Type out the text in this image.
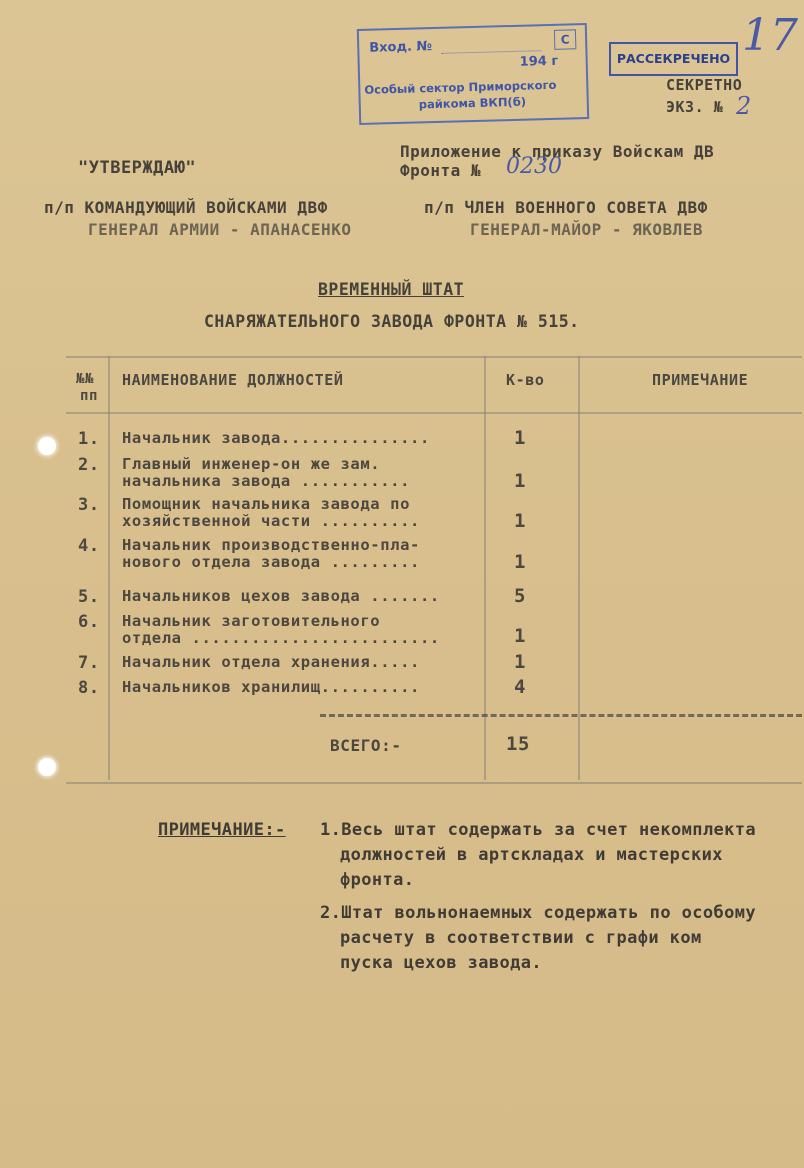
Вход. №	С
194 г
Особый сектор Приморского
райкома ВКП(б)
РАССЕКРЕЧЕНО 17
СЕКРЕТНО
ЭКЗ. № 2
"УТВЕРЖДАЮ"
Приложение к приказу Войскам ДВ
Фронта № 0230
п/п КОМАНДУЮЩИЙ ВОЙСКАМИ ДВФ
ГЕНЕРАЛ АРМИИ - АПАНАСЕНКО
п/п ЧЛЕН ВОЕННОГО СОВЕТА ДВФ
ГЕНЕРАЛ-МАЙОР - ЯКОВЛЕВ
ВРЕМЕННЫЙ ШТАТ
СНАРЯЖАТЕЛЬНОГО ЗАВОДА ФРОНТА № 515.
№№
пп
НАИМЕНОВАНИЕ ДОЛЖНОСТЕЙ	К-во	ПРИМЕЧАНИЕ
1. Начальник завода...............	1
2. Главный инженер-он же зам.
начальника завода ...........	1
3. Помощник начальника завода по
хозяйственной части ..........	1
4. Начальник производственно-пла-
нового отдела завода .........	1
5. Начальников цехов завода .......	5
6. Начальник заготовительного
отдела .........................	1
7. Начальник отдела хранения.....	1
8. Начальников хранилищ..........	4
ВСЕГО:-	15
ПРИМЕЧАНИЕ:- 1.Весь штат содержать за счет некомплекта
должностей в артскладах и мастерских
фронта.
2.Штат вольнонаемных содержать по особому
расчету в соответствии с графи ком
пуска цехов завода.
